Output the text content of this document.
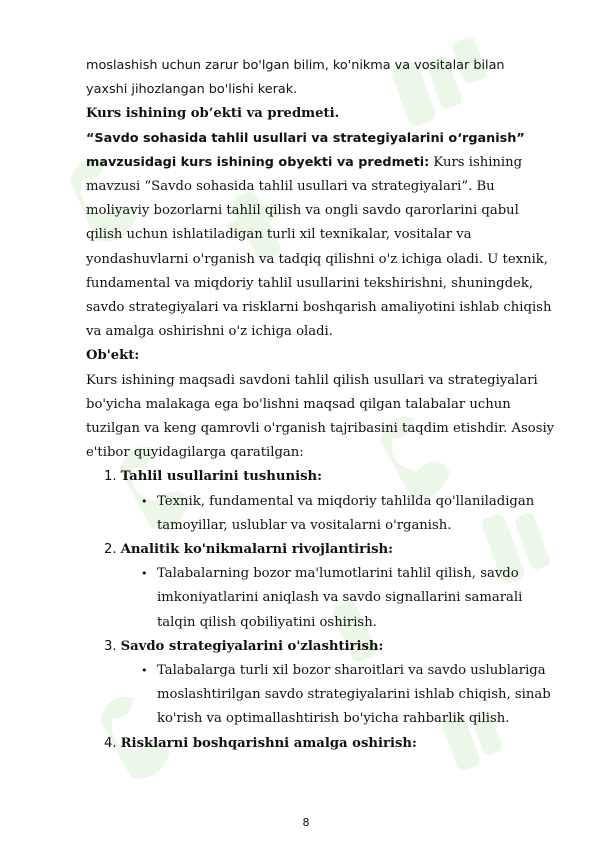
moslashish uchun zarur bo'lgan bilim, ko'nikma va vositalar bilan

yaxshi jihozlangan bo'lishi kerak.

Kurs ishining ob’ekti va predmeti.

“Savdo sohasida tahlil usullari va strategiyalarini o‘rganish”

mavzusidagi kurs ishining obyekti va predmeti: Kurs ishining

mavzusi “Savdo sohasida tahlil usullari va strategiyalari”. Bu

moliyaviy bozorlarni tahlil qilish va ongli savdo qarorlarini qabul

qilish uchun ishlatiladigan turli xil texnikalar, vositalar va

yondashuvlarni o'rganish va tadqiq qilishni o'z ichiga oladi. U texnik,

fundamental va miqdoriy tahlil usullarini tekshirishni, shuningdek,

savdo strategiyalari va risklarni boshqarish amaliyotini ishlab chiqish

va amalga oshirishni o'z ichiga oladi.

Ob'ekt:

Kurs ishining maqsadi savdoni tahlil qilish usullari va strategiyalari

bo'yicha malakaga ega bo'lishni maqsad qilgan talabalar uchun

tuzilgan va keng qamrovli o'rganish tajribasini taqdim etishdir. Asosiy

e'tibor quyidagilarga qaratilgan:

1. Tahlil usullarini tushunish:

• Texnik, fundamental va miqdoriy tahlilda qo'llaniladigan

tamoyillar, uslublar va vositalarni o'rganish.

2. Analitik ko'nikmalarni rivojlantirish:

• Talabalarning bozor ma'lumotlarini tahlil qilish, savdo

imkoniyatlarini aniqlash va savdo signallarini samarali

talqin qilish qobiliyatini oshirish.

3. Savdo strategiyalarini o'zlashtirish:

• Talabalarga turli xil bozor sharoitlari va savdo uslublariga

moslashtirilgan savdo strategiyalarini ishlab chiqish, sinab

ko'rish va optimallashtirish bo'yicha rahbarlik qilish.

4. Risklarni boshqarishni amalga oshirish:

8
